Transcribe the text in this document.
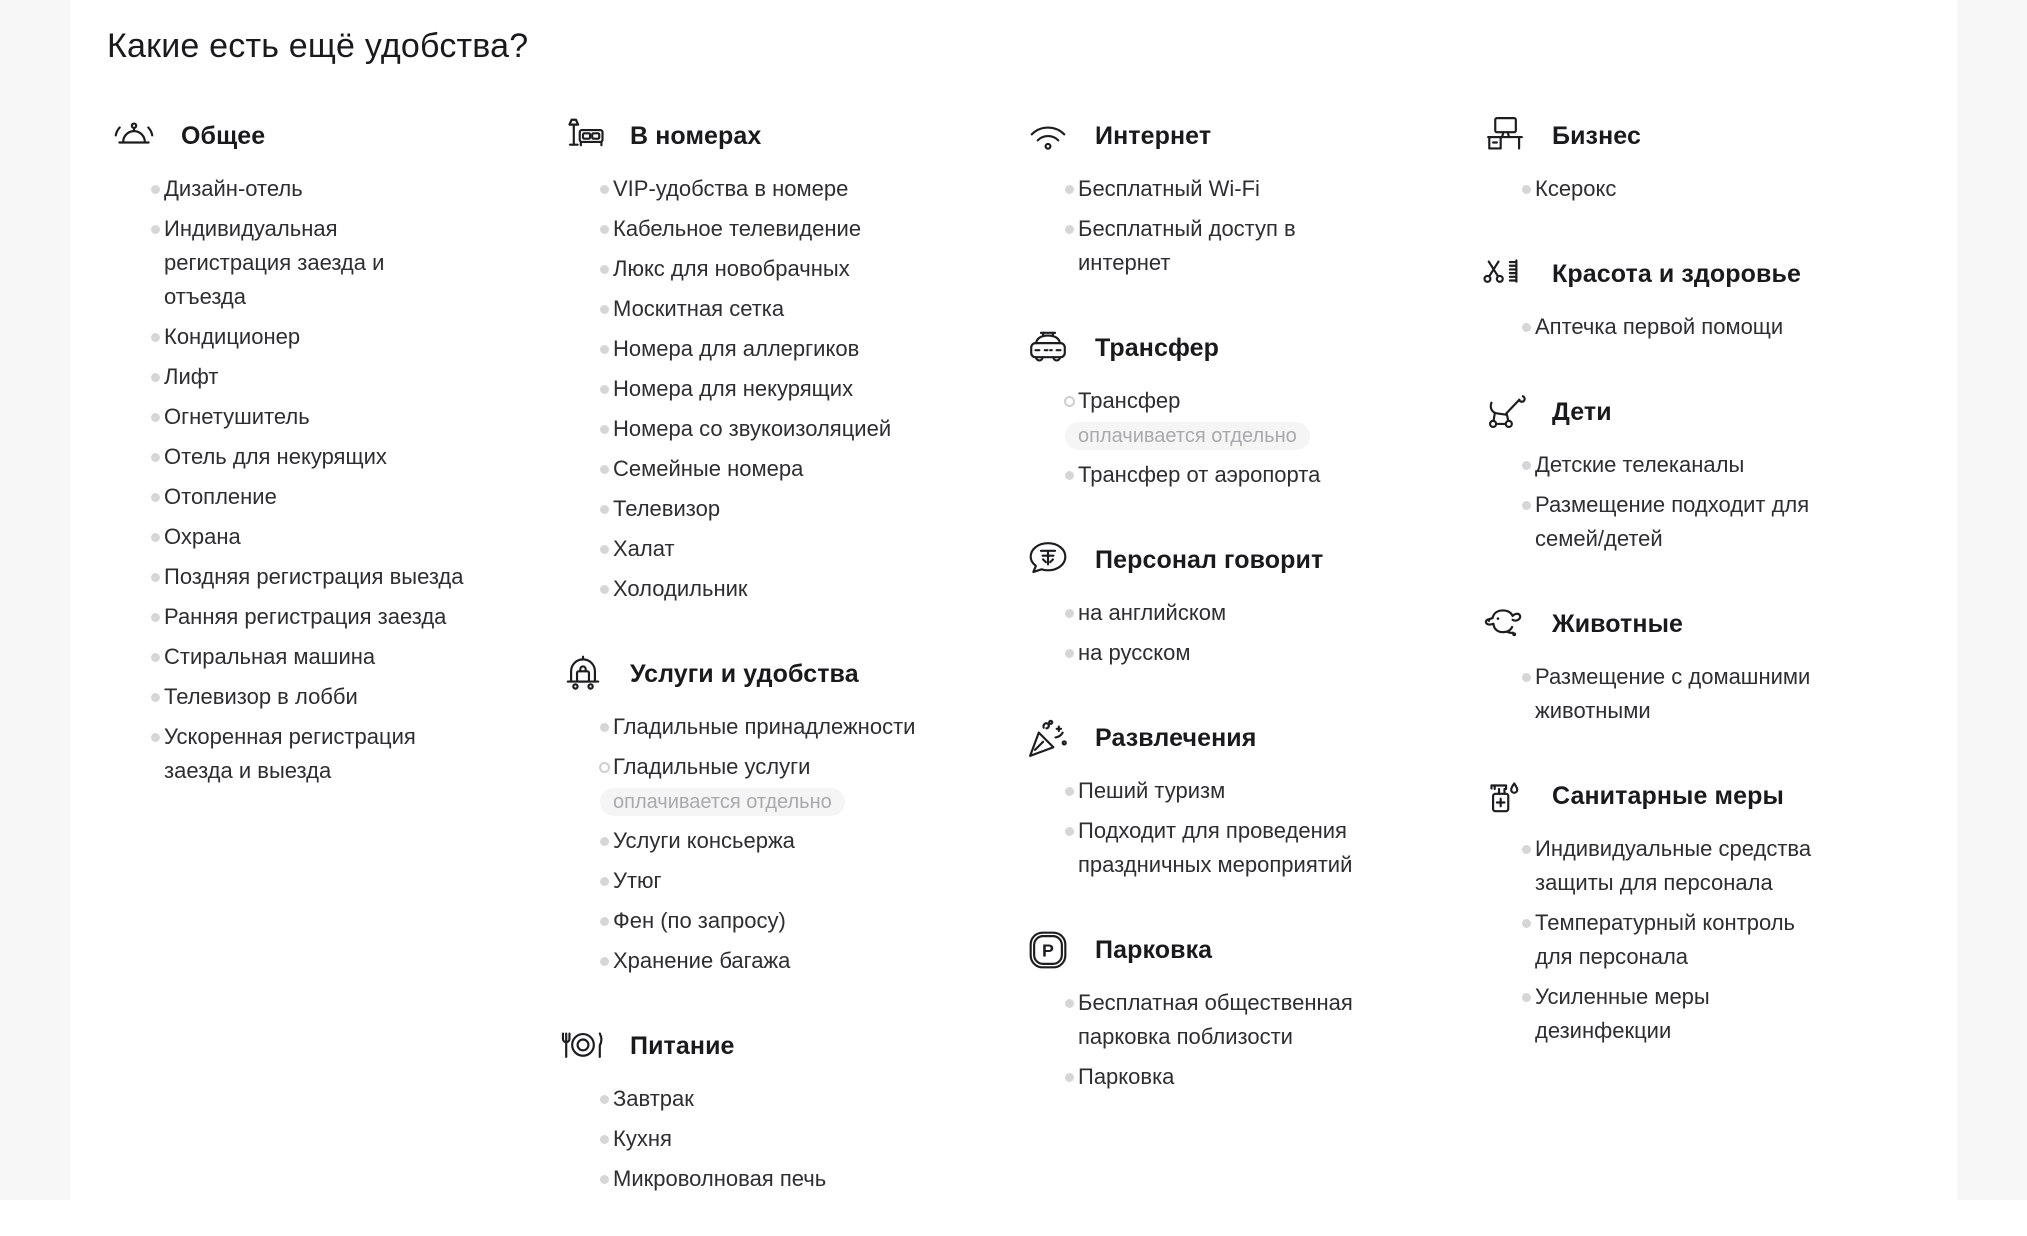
Какие есть ещё удобства?
Общее
Дизайн-отель
Индивидуальная регистрация заезда и отъезда
Кондиционер
Лифт
Огнетушитель
Отель для некурящих
Отопление
Охрана
Поздняя регистрация выезда
Ранняя регистрация заезда
Стиральная машина
Телевизор в лобби
Ускоренная регистрация заезда и выезда
В номерах
VIP-удобства в номере
Кабельное телевидение
Люкс для новобрачных
Москитная сетка
Номера для аллергиков
Номера для некурящих
Номера со звукоизоляцией
Семейные номера
Телевизор
Халат
Холодильник
Услуги и удобства
Гладильные принадлежности
Гладильные услугиоплачивается отдельно
Услуги консьержа
Утюг
Фен (по запросу)
Хранение багажа
Питание
Завтрак
Кухня
Микроволновая печь
Интернет
Бесплатный Wi-Fi
Бесплатный доступ в интернет
Трансфер
Трансфероплачивается отдельно
Трансфер от аэропорта
Персонал говорит
на английском
на русском
Развлечения
Пеший туризм
Подходит для проведения праздничных мероприятий
P Парковка
Бесплатная общественная парковка поблизости
Парковка
Бизнес
Ксерокс
Красота и здоровье
Аптечка первой помощи
Дети
Детские телеканалы
Размещение подходит для семей/детей
Животные
Размещение с домашними животными
Санитарные меры
Индивидуальные средства защиты для персонала
Температурный контроль для персонала
Усиленные меры дезинфекции
